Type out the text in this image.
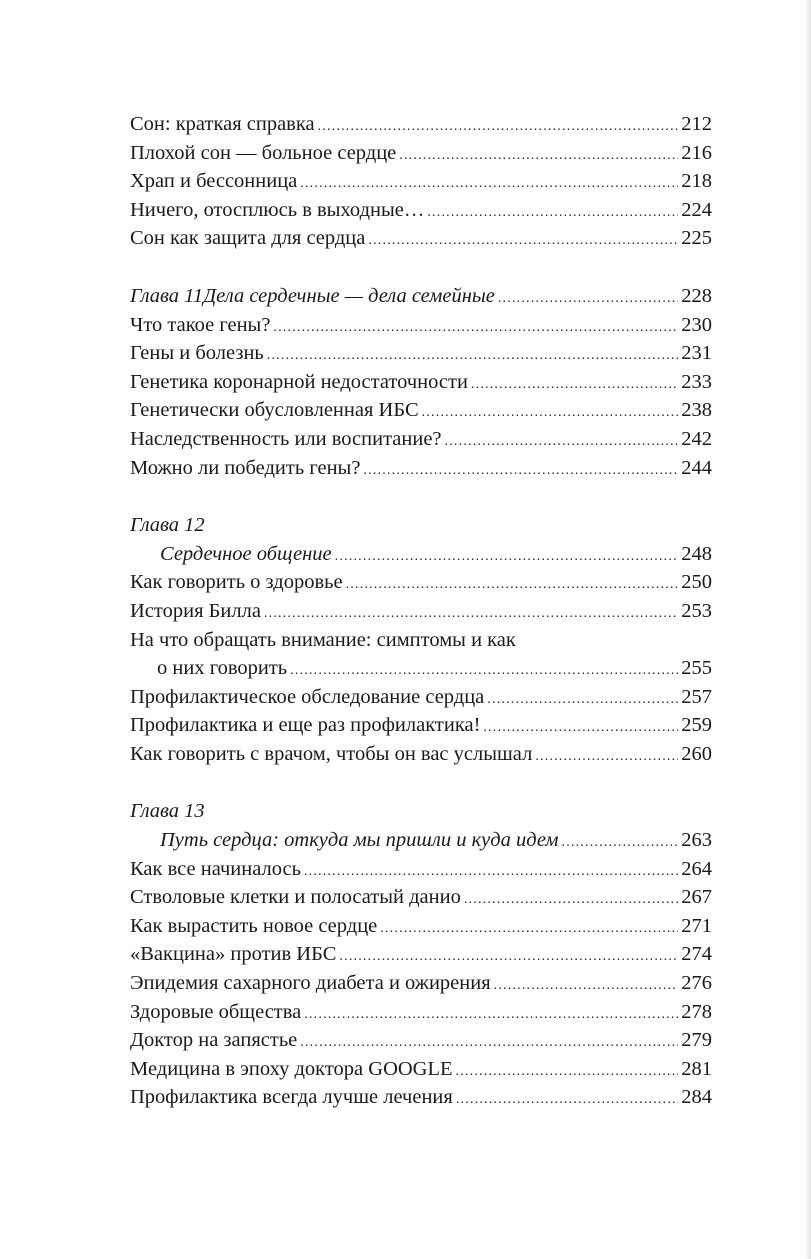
Сон: краткая справка .....	212
Плохой сон — больное сердце .....	216
Храп и бессонница .....	218
Ничего, отосплюсь в выходные… .....	224
Сон как защита для сердца .....	225
Глава 11Дела сердечные — дела семейные .....	228
Что такое гены? .....	230
Гены и болезнь .....	231
Генетика коронарной недостаточности .....	233
Генетически обусловленная ИБС .....	238
Наследственность или воспитание? .....	242
Можно ли победить гены? .....	244
Глава 12
Сердечное общение .....	248
Как говорить о здоровье .....	250
История Билла .....	253
На что обращать внимание: симптомы и как
о них говорить .....	255
Профилактическое обследование сердца .....	257
Профилактика и еще раз профилактика! .....	259
Как говорить с врачом, чтобы он вас услышал .....	260
Глава 13
Путь сердца: откуда мы пришли и куда идем .....	263
Как все начиналось .....	264
Стволовые клетки и полосатый данио .....	267
Как вырастить новое сердце .....	271
«Вакцина» против ИБС .....	274
Эпидемия сахарного диабета и ожирения .....	276
Здоровые общества .....	278
Доктор на запястье .....	279
Медицина в эпоху доктора GOOGLE .....	281
Профилактика всегда лучше лечения .....	284
